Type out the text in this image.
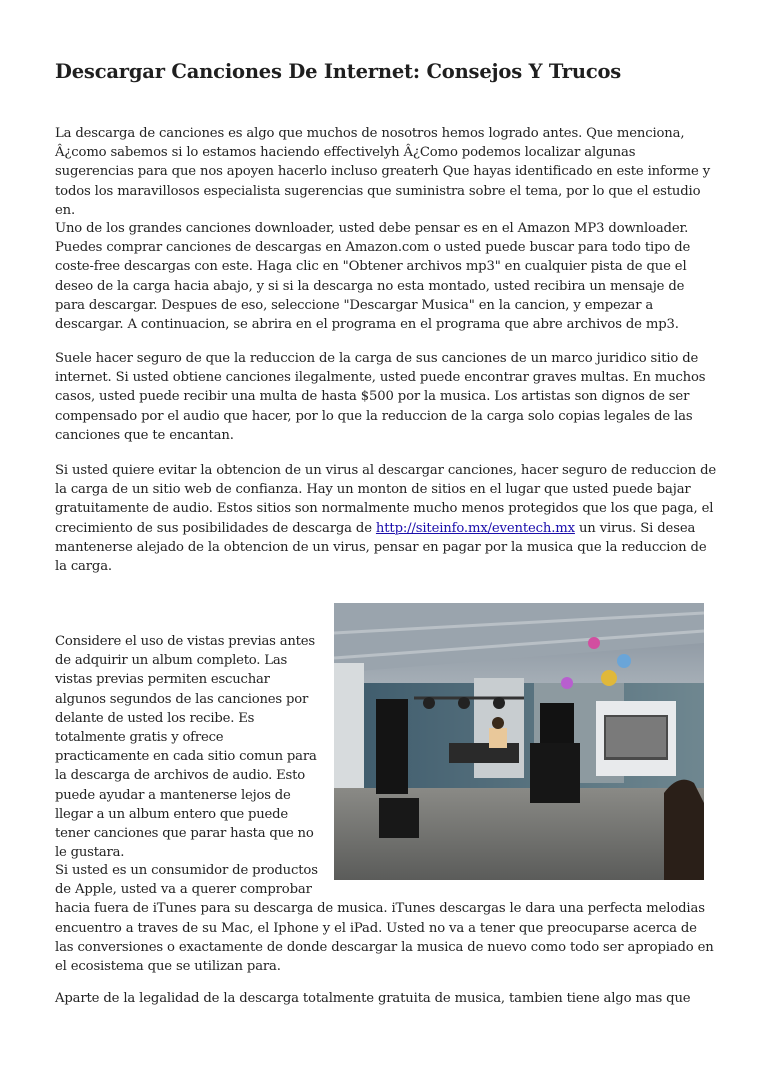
Descargar Canciones De Internet: Consejos Y Trucos

La descarga de canciones es algo que muchos de nosotros hemos logrado antes. Que menciona, Â¿como sabemos si lo estamos haciendo effectivelyh Â¿Como podemos localizar algunas sugerencias para que nos apoyen hacerlo incluso greaterh Que hayas identificado en este informe y todos los maravillosos especialista sugerencias que suministra sobre el tema, por lo que el estudio en.

Uno de los grandes canciones downloader, usted debe pensar es en el Amazon MP3 downloader. Puedes comprar canciones de descargas en Amazon.com o usted puede buscar para todo tipo de coste-free descargas con este. Haga clic en "Obtener archivos mp3" en cualquier pista de que el deseo de la carga hacia abajo, y si si la descarga no esta montado, usted recibira un mensaje de para descargar. Despues de eso, seleccione "Descargar Musica" en la cancion, y empezar a descargar. A continuacion, se abrira en el programa en el programa que abre archivos de mp3.

Suele hacer seguro de que la reduccion de la carga de sus canciones de un marco juridico sitio de internet. Si usted obtiene canciones ilegalmente, usted puede encontrar graves multas. En muchos casos, usted puede recibir una multa de hasta $500 por la musica. Los artistas son dignos de ser compensado por el audio que hacer, por lo que la reduccion de la carga solo copias legales de las canciones que te encantan.

Si usted quiere evitar la obtencion de un virus al descargar canciones, hacer seguro de reduccion de la carga de un sitio web de confianza. Hay un monton de sitios en el lugar que usted puede bajar gratuitamente de audio. Estos sitios son normalmente mucho menos protegidos que los que paga, el crecimiento de sus posibilidades de descarga de http://siteinfo.mx/eventech.mx un virus. Si desea mantenerse alejado de la obtencion de un virus, pensar en pagar por la musica que la reduccion de la carga.

Considere el uso de vistas previas antes de adquirir un album completo. Las vistas previas permiten escuchar algunos segundos de las canciones por delante de usted los recibe. Es totalmente gratis y ofrece practicamente en cada sitio comun para la descarga de archivos de audio. Esto puede ayudar a mantenerse lejos de llegar a un album entero que puede tener canciones que parar hasta que no le gustara.

Si usted es un consumidor de productos
de Apple, usted va a querer comprobar
hacia fuera de iTunes para su descarga de musica. iTunes descargas le dara una perfecta melodias encuentro a traves de su Mac, el Iphone y el iPad. Usted no va a tener que preocuparse acerca de las conversiones o exactamente de donde descargar la musica de nuevo como todo ser apropiado en el ecosistema que se utilizan para.

Aparte de la legalidad de la descarga totalmente gratuita de musica, tambien tiene algo mas que
